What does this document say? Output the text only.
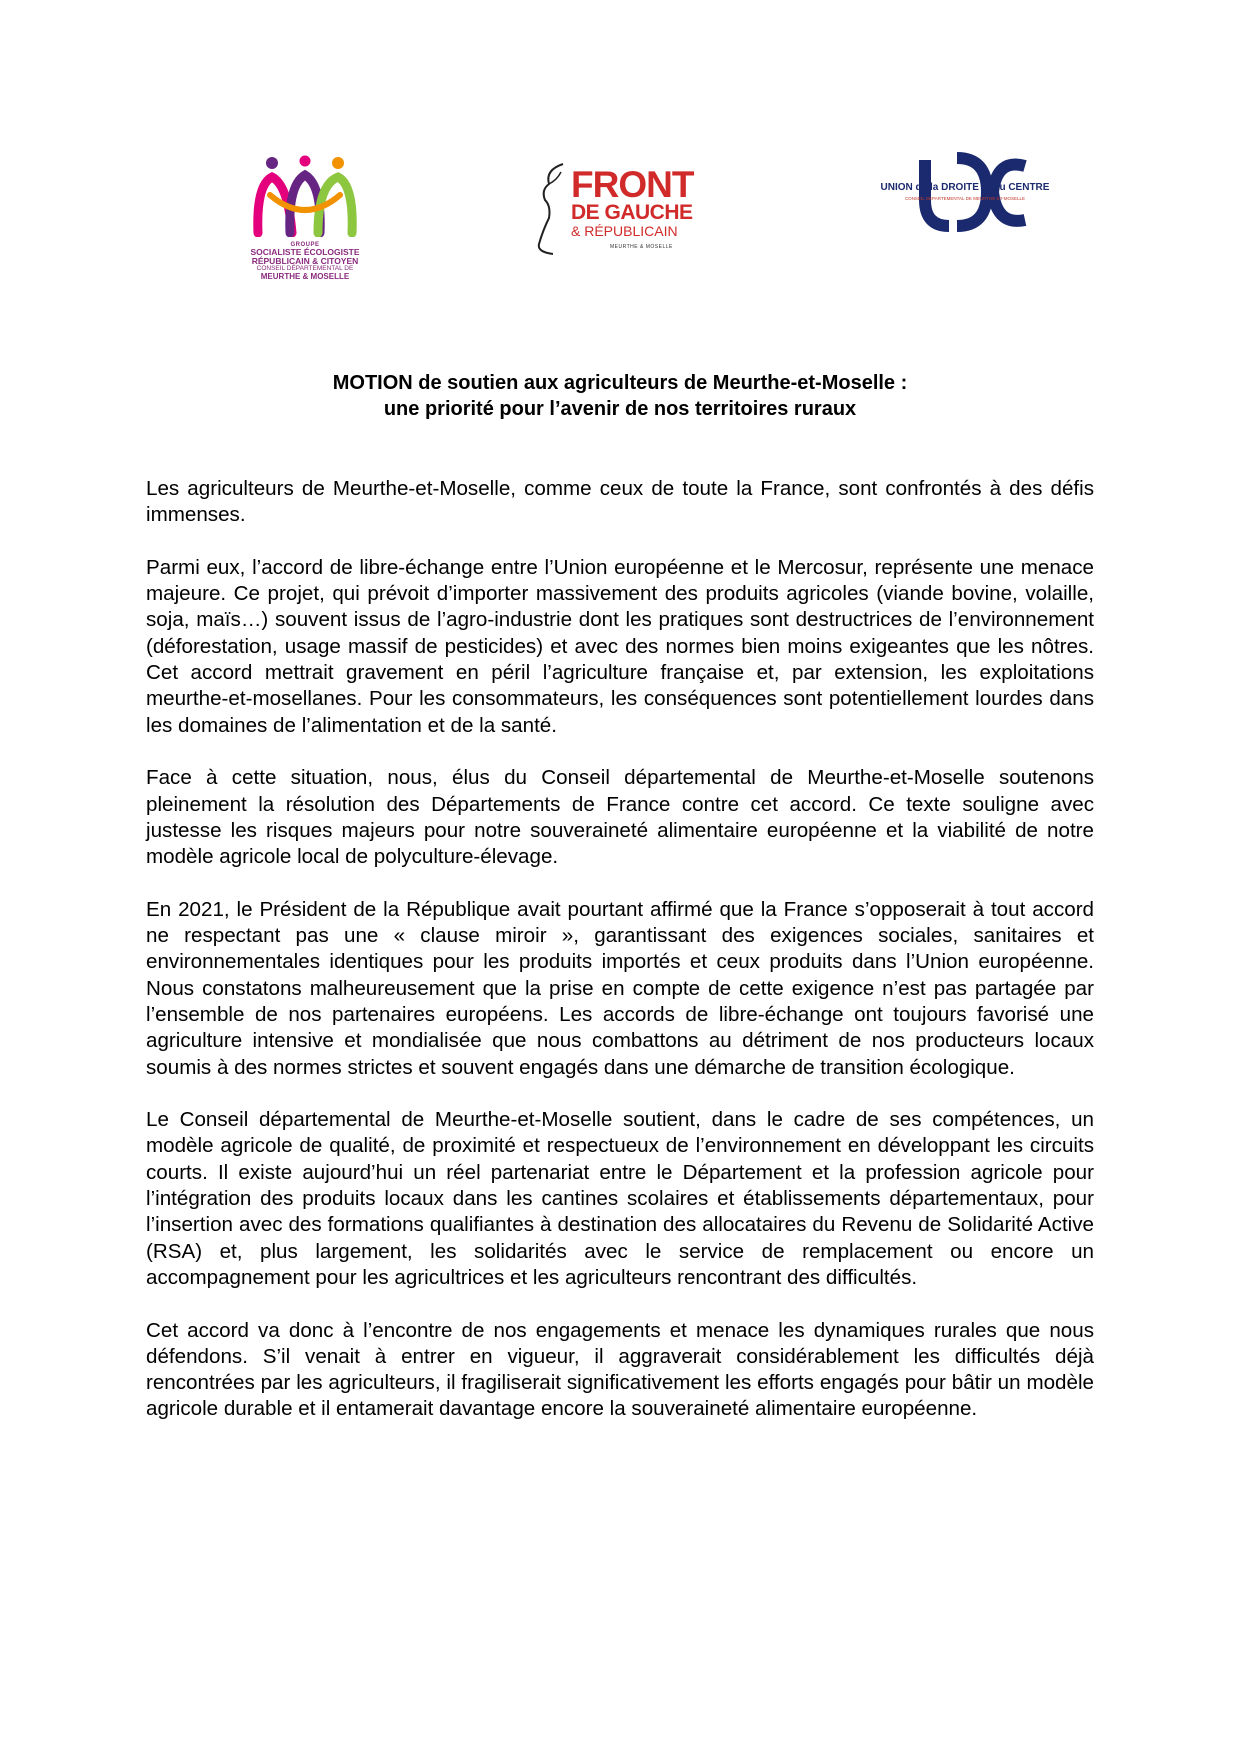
GROUPE
SOCIALISTE ÉCOLOGISTE
RÉPUBLICAIN & CITOYEN
CONSEIL DÉPARTEMENTAL DE
MEURTHE & MOSELLE
FRONT
DE GAUCHE
& RÉPUBLICAIN
MEURTHE & MOSELLE
UNION de la DROITE et du CENTRE
CONSEIL DÉPARTEMENTAL DE MEURTHE-ET-MOSELLE
MOTION de soutien aux agriculteurs de Meurthe-et-Moselle :
une priorité pour l’avenir de nos territoires ruraux

Les agriculteurs de Meurthe-et-Moselle, comme ceux de toute la France, sont confrontés à des défis immenses.

Parmi eux, l’accord de libre-échange entre l’Union européenne et le Mercosur, représente une menace majeure. Ce projet, qui prévoit d’importer massivement des produits agricoles (viande bovine, volaille, soja, maïs…) souvent issus de l’agro-industrie dont les pratiques sont destructrices de l’environnement (déforestation, usage massif de pesticides) et avec des normes bien moins exigeantes que les nôtres. Cet accord mettrait gravement en péril l’agriculture française et, par extension, les exploitations meurthe-et-mosellanes. Pour les consommateurs, les conséquences sont potentiellement lourdes dans les domaines de l’alimentation et de la santé.

Face à cette situation, nous, élus du Conseil départemental de Meurthe-et-Moselle soutenons pleinement la résolution des Départements de France contre cet accord. Ce texte souligne avec justesse les risques majeurs pour notre souveraineté alimentaire européenne et la viabilité de notre modèle agricole local de polyculture-élevage.

En 2021, le Président de la République avait pourtant affirmé que la France s’opposerait à tout accord ne respectant pas une « clause miroir », garantissant des exigences sociales, sanitaires et environnementales identiques pour les produits importés et ceux produits dans l’Union européenne. Nous constatons malheureusement que la prise en compte de cette exigence n’est pas partagée par l’ensemble de nos partenaires européens. Les accords de libre-échange ont toujours favorisé une agriculture intensive et mondialisée que nous combattons au détriment de nos producteurs locaux soumis à des normes strictes et souvent engagés dans une démarche de transition écologique.

Le Conseil départemental de Meurthe-et-Moselle soutient, dans le cadre de ses compétences, un modèle agricole de qualité, de proximité et respectueux de l’environnement en développant les circuits courts. Il existe aujourd’hui un réel partenariat entre le Département et la profession agricole pour l’intégration des produits locaux dans les cantines scolaires et établissements départementaux, pour l’insertion avec des formations qualifiantes à destination des allocataires du Revenu de Solidarité Active (RSA) et, plus largement, les solidarités avec le service de remplacement ou encore un accompagnement pour les agricultrices et les agriculteurs rencontrant des difficultés.

Cet accord va donc à l’encontre de nos engagements et menace les dynamiques rurales que nous défendons. S’il venait à entrer en vigueur, il aggraverait considérablement les difficultés déjà rencontrées par les agriculteurs, il fragiliserait significativement les efforts engagés pour bâtir un modèle agricole durable et il entamerait davantage encore la souveraineté alimentaire européenne.
